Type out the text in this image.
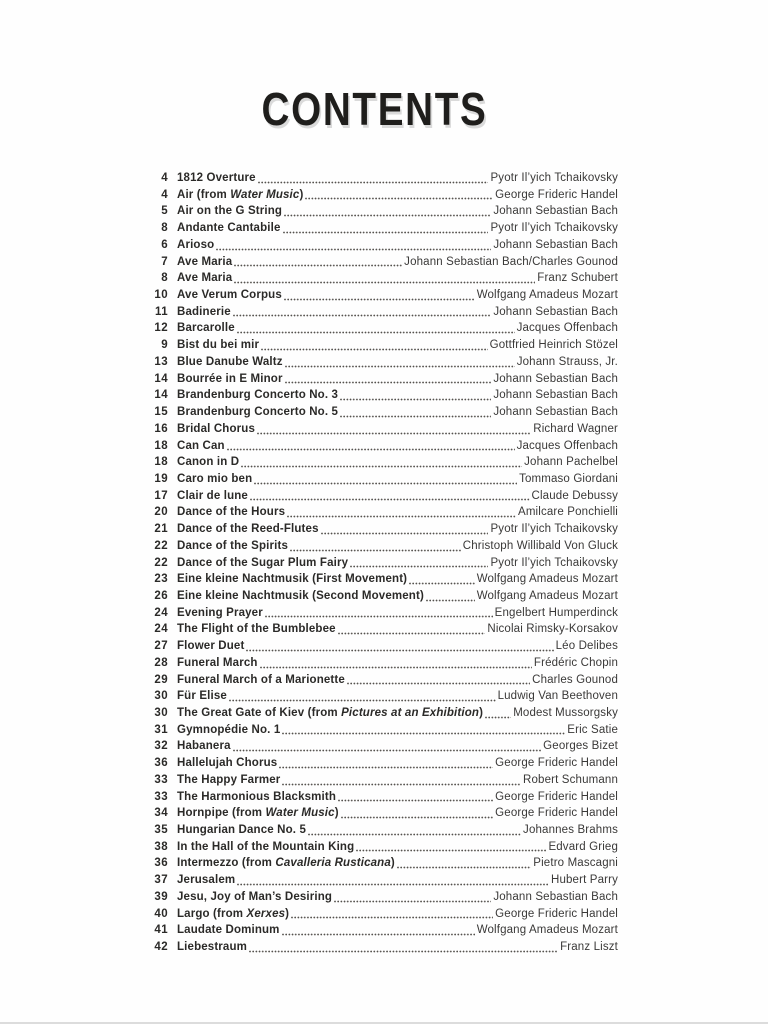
CONTENTS
4 1812 Overture	Pyotr Il’yich Tchaikovsky
4 Air (from Water Music)	George Frideric Handel
5 Air on the G String	Johann Sebastian Bach
8 Andante Cantabile	Pyotr Il’yich Tchaikovsky
6 Arioso	Johann Sebastian Bach
7 Ave Maria	Johann Sebastian Bach/Charles Gounod
8 Ave Maria	Franz Schubert
10 Ave Verum Corpus	Wolfgang Amadeus Mozart
11 Badinerie	Johann Sebastian Bach
12 Barcarolle	Jacques Offenbach
9 Bist du bei mir	Gottfried Heinrich Stözel
13 Blue Danube Waltz	Johann Strauss, Jr.
14 Bourrée in E Minor	Johann Sebastian Bach
14 Brandenburg Concerto No. 3	Johann Sebastian Bach
15 Brandenburg Concerto No. 5	Johann Sebastian Bach
16 Bridal Chorus	Richard Wagner
18 Can Can	Jacques Offenbach
18 Canon in D	Johann Pachelbel
19 Caro mio ben	Tommaso Giordani
17 Clair de lune	Claude Debussy
20 Dance of the Hours	Amilcare Ponchielli
21 Dance of the Reed-Flutes	Pyotr Il’yich Tchaikovsky
22 Dance of the Spirits	Christoph Willibald Von Gluck
22 Dance of the Sugar Plum Fairy	Pyotr Il’yich Tchaikovsky
23 Eine kleine Nachtmusik (First Movement)	Wolfgang Amadeus Mozart
26 Eine kleine Nachtmusik (Second Movement)	Wolfgang Amadeus Mozart
24 Evening Prayer	Engelbert Humperdinck
24 The Flight of the Bumblebee	Nicolai Rimsky-Korsakov
27 Flower Duet	Léo Delibes
28 Funeral March	Frédéric Chopin
29 Funeral March of a Marionette	Charles Gounod
30 Für Elise	Ludwig Van Beethoven
30 The Great Gate of Kiev (from Pictures at an Exhibition)	Modest Mussorgsky
31 Gymnopédie No. 1	Eric Satie
32 Habanera	Georges Bizet
36 Hallelujah Chorus	George Frideric Handel
33 The Happy Farmer	Robert Schumann
33 The Harmonious Blacksmith	George Frideric Handel
34 Hornpipe (from Water Music)	George Frideric Handel
35 Hungarian Dance No. 5	Johannes Brahms
38 In the Hall of the Mountain King	Edvard Grieg
36 Intermezzo (from Cavalleria Rusticana)	Pietro Mascagni
37 Jerusalem	Hubert Parry
39 Jesu, Joy of Man’s Desiring	Johann Sebastian Bach
40 Largo (from Xerxes)	George Frideric Handel
41 Laudate Dominum	Wolfgang Amadeus Mozart
42 Liebestraum	Franz Liszt
